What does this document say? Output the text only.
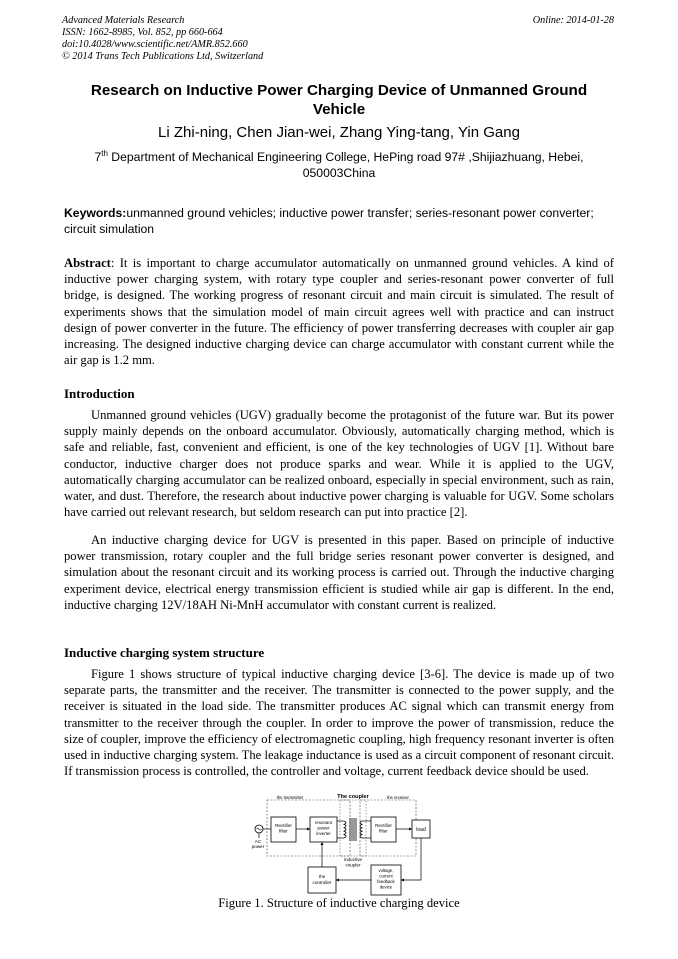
Advanced Materials Research
ISSN: 1662-8985, Vol. 852, pp 660-664
doi:10.4028/www.scientific.net/AMR.852.660
© 2014 Trans Tech Publications Ltd, Switzerland
Online: 2014-01-28
Research on Inductive Power Charging Device of Unmanned Ground Vehicle
Li Zhi-ning, Chen Jian-wei, Zhang Ying-tang, Yin Gang
7th Department of Mechanical Engineering College, HePing road 97# ,Shijiazhuang, Hebei, 050003China
Keywords:unmanned ground vehicles; inductive power transfer; series-resonant power converter; circuit simulation
Abstract: It is important to charge accumulator automatically on unmanned ground vehicles. A kind of inductive power charging system, with rotary type coupler and series-resonant power converter of full bridge, is designed. The working progress of resonant circuit and main circuit is simulated. The result of experiments shows that the simulation model of main circuit agrees well with practice and can instruct design of power converter in the future. The efficiency of power transferring decreases with coupler air gap increasing. The designed inductive charging device can charge accumulator with constant current while the air gap is 1.2 mm.
Introduction
Unmanned ground vehicles (UGV) gradually become the protagonist of the future war. But its power supply mainly depends on the onboard accumulator. Obviously, automatically charging method, which is safe and reliable, fast, convenient and efficient, is one of the key technologies of UGV [1]. Without bare conductor, inductive charger does not produce sparks and wear. While it is applied to the UGV, automatically charging accumulator can be realized onboard, especially in special environment, such as rain, water, and dust. Therefore, the research about inductive power charging is valuable for UGV. Some scholars have carried out relevant research, but seldom research can put into practice [2].
An inductive charging device for UGV is presented in this paper. Based on principle of inductive power transmission, rotary coupler and the full bridge series resonant power converter is designed, and simulation about the resonant circuit and its working process is carried out. Through the inductive charging experiment device, electrical energy transmission efficient is studied while air gap is different. In the end, inductive charging 12V/18AH Ni-MnH accumulator with constant current is realized.
Inductive charging system structure
Figure 1 shows structure of typical inductive charging device [3-6]. The device is made up of two separate parts, the transmitter and the receiver. The transmitter is connected to the power supply, and the receiver is situated in the load side. The transmitter produces AC signal which can transmit energy from transmitter to the receiver through the coupler. In order to improve the power of transmission, reduce the size of coupler, improve the efficiency of electromagnetic coupling, high frequency resonant inverter is often used in inductive charging system. The leakage inductance is used as a circuit component of resonant circuit. If transmission process is controlled, the controller and voltage, current feedback device should be used.
The coupler
the transmitter	the receiver
AC
power
Rectifier
filter
resonant
power
inverter
inductive
coupler
Rectifier
filter	load
the
controller
voltage,
current
feedback
device
Figure 1. Structure of inductive charging device
